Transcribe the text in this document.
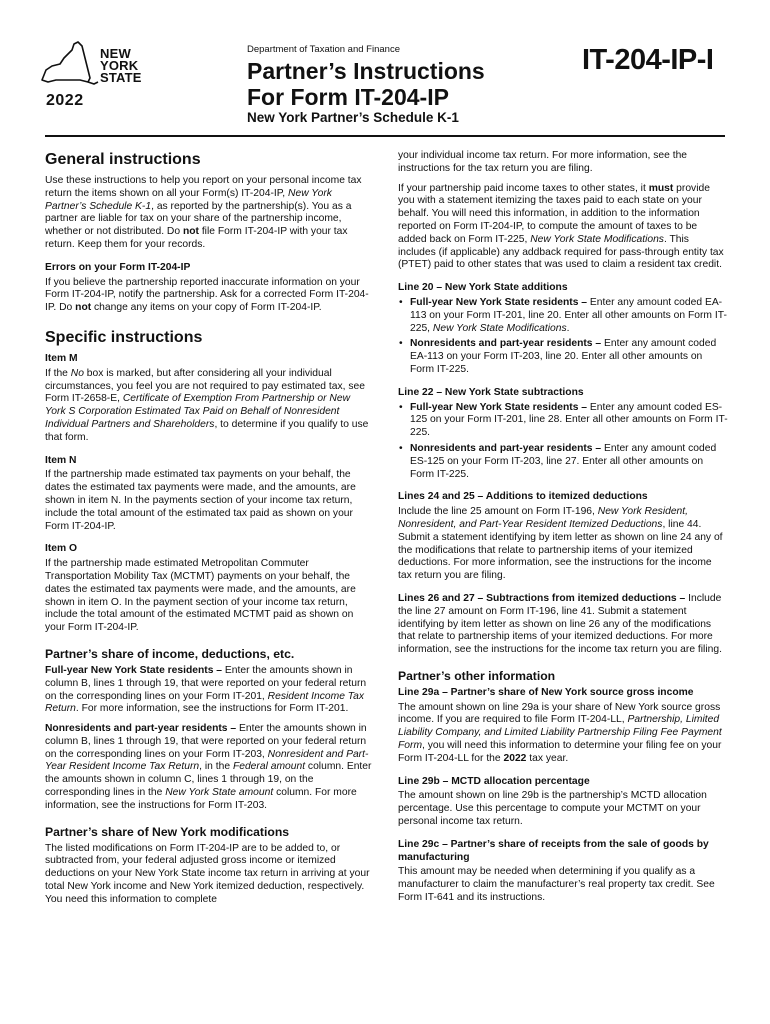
NEW
YORK
STATE
2022
Department of Taxation and Finance
Partner’s Instructions
For Form IT-204-IP
IT-204-IP-I
New York Partner’s Schedule K-1
General instructions

Use these instructions to help you report on your personal income tax return the items shown on all your Form(s) IT-204-IP, New York Partner’s Schedule K-1, as reported by the partnership(s). You as a partner are liable for tax on your share of the partnership income, whether or not distributed. Do not file Form IT-204-IP with your tax return. Keep them for your records.

Errors on your Form IT-204-IP

If you believe the partnership reported inaccurate information on your Form IT-204-IP, notify the partnership. Ask for a corrected Form IT-204-IP. Do not change any items on your copy of Form IT-204-IP.

Specific instructions
Item M

If the No box is marked, but after considering all your individual circumstances, you feel you are not required to pay estimated tax, see Form IT-2658-E, Certificate of Exemption From Partnership or New York S Corporation Estimated Tax Paid on Behalf of Nonresident Individual Partners and Shareholders, to determine if you qualify to use that form.

Item N

If the partnership made estimated tax payments on your behalf, the dates the estimated tax payments were made, and the amounts, are shown in item N. In the payments section of your income tax return, include the total amount of the estimated tax paid as shown on your Form IT-204-IP.

Item O

If the partnership made estimated Metropolitan Commuter Transportation Mobility Tax (MCTMT) payments on your behalf, the dates the estimated tax payments were made, and the amounts, are shown in item O. In the payment section of your income tax return, include the total amount of the estimated MCTMT paid as shown on your Form IT-204-IP.

Partner’s share of income, deductions, etc.

Full-year New York State residents – Enter the amounts shown in column B, lines 1 through 19, that were reported on your federal return on the corresponding lines on your Form IT-201, Resident Income Tax Return. For more information, see the instructions for Form IT-201.

Nonresidents and part-year residents – Enter the amounts shown in column B, lines 1 through 19, that were reported on your federal return on the corresponding lines on your Form IT-203, Nonresident and Part-Year Resident Income Tax Return, in the Federal amount column. Enter the amounts shown in column C, lines 1 through 19, on the corresponding lines in the New York State amount column. For more information, see the instructions for Form IT-203.

Partner’s share of New York modifications

The listed modifications on Form IT-204-IP are to be added to, or subtracted from, your federal adjusted gross income or itemized deductions on your New York State income tax return in arriving at your total New York income and New York itemized deduction, respectively. You need this information to complete

your individual income tax return. For more information, see the instructions for the tax return you are filing.

If your partnership paid income taxes to other states, it must provide you with a statement itemizing the taxes paid to each state on your behalf. You will need this information, in addition to the information reported on Form IT-204-IP, to compute the amount of taxes to be added back on Form IT-225, New York State Modifications. This includes (if applicable) any addback required for pass-through entity tax (PTET) paid to other states that was used to claim a resident tax credit.

Line 20 – New York State additions
• Full-year New York State residents – Enter any amount coded EA-113 on your Form IT-201, line 20. Enter all other amounts on Form IT-225, New York State Modifications.
• Nonresidents and part-year residents – Enter any amount coded EA-113 on your Form IT-203, line 20. Enter all other amounts on Form IT-225.
Line 22 – New York State subtractions
• Full-year New York State residents – Enter any amount coded ES-125 on your Form IT-201, line 28. Enter all other amounts on Form IT-225.
• Nonresidents and part-year residents – Enter any amount coded ES-125 on your Form IT-203, line 27. Enter all other amounts on Form IT-225.
Lines 24 and 25 – Additions to itemized deductions

Include the line 25 amount on Form IT-196, New York Resident, Nonresident, and Part-Year Resident Itemized Deductions, line 44. Submit a statement identifying by item letter as shown on line 24 any of the modifications that relate to partnership items of your itemized deductions. For more information, see the instructions for the income tax return you are filing.

Lines 26 and 27 – Subtractions from itemized deductions – Include the line 27 amount on Form IT-196, line 41. Submit a statement identifying by item letter as shown on line 26 any of the modifications that relate to partnership items of your itemized deductions. For more information, see the instructions for the income tax return you are filing.

Partner’s other information
Line 29a – Partner’s share of New York source gross income

The amount shown on line 29a is your share of New York source gross income. If you are required to file Form IT-204-LL, Partnership, Limited Liability Company, and Limited Liability Partnership Filing Fee Payment Form, you will need this information to determine your filing fee on your Form IT-204-LL for the 2022 tax year.

Line 29b – MCTD allocation percentage

The amount shown on line 29b is the partnership’s MCTD allocation percentage. Use this percentage to compute your MCTMT on your personal income tax return.

Line 29c – Partner’s share of receipts from the sale of goods by manufacturing

This amount may be needed when determining if you qualify as a manufacturer to claim the manufacturer’s real property tax credit. See Form IT-641 and its instructions.
